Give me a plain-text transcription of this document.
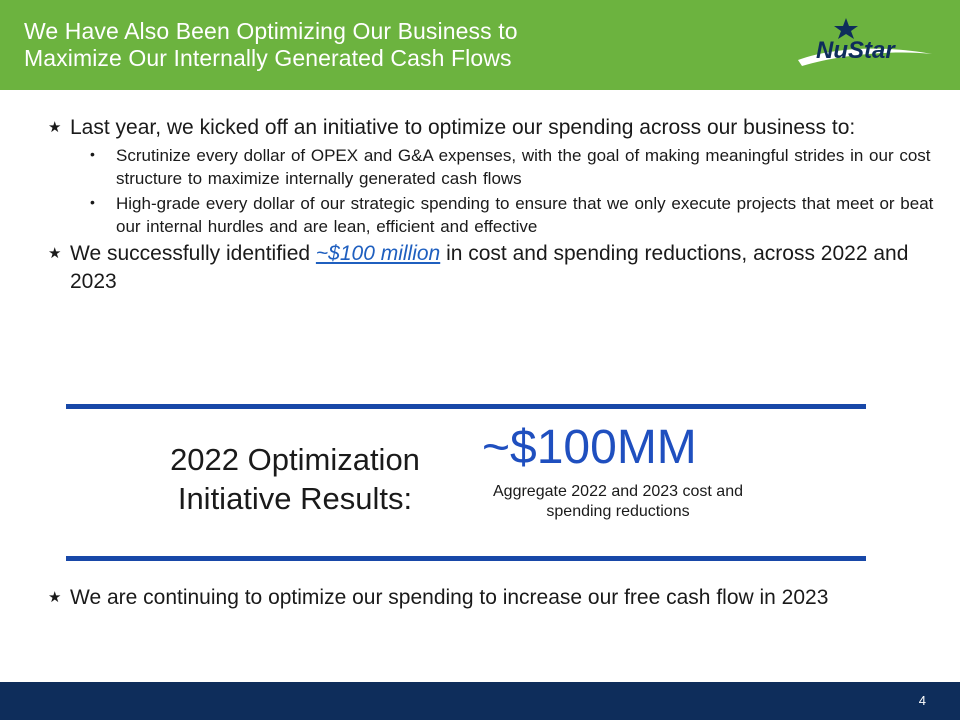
We Have Also Been Optimizing Our Business to
Maximize Our Internally Generated Cash Flows	NuStar
★ Last year, we kicked off an initiative to optimize our spending across our business to:
• Scrutinize every dollar of OPEX and G&A expenses, with the goal of making meaningful strides in our cost structure to maximize internally generated cash flows
• High-grade every dollar of our strategic spending to ensure that we only execute projects that meet or beat our internal hurdles and are lean, efficient and effective
★ We successfully identified ~$100 million in cost and spending reductions, across 2022 and 2023
2022 Optimization Initiative Results:
~$100MM
Aggregate 2022 and 2023 cost and spending reductions
★ We are continuing to optimize our spending to increase our free cash flow in 2023
4
